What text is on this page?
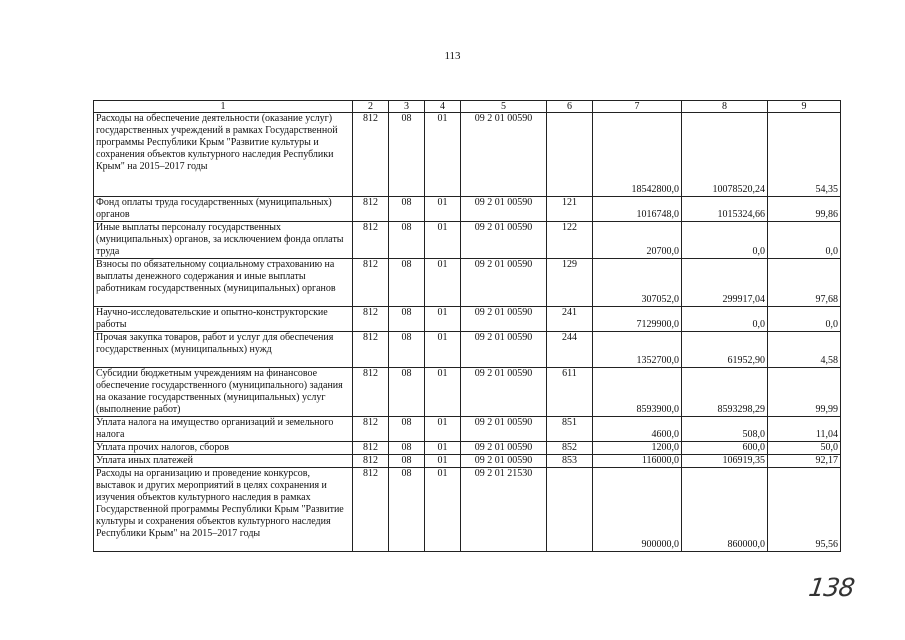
113
1	2	3	4	5	6	7	8	9
Расходы на обеспечение деятельности (оказание услуг) государственных учреждений в рамках Государственной программы Республики Крым "Развитие культуры и сохранения объектов культурного наследия Республики Крым" на 2015–2017 годы	812	08	01	09 2 01 00590		18542800,0	10078520,24	54,35
Фонд оплаты труда государственных (муниципальных) органов	812	08	01	09 2 01 00590	121	1016748,0	1015324,66	99,86
Иные выплаты персоналу государственных (муниципальных) органов, за исключением фонда оплаты труда	812	08	01	09 2 01 00590	122	20700,0	0,0	0,0
Взносы по обязательному социальному страхованию на выплаты денежного содержания и иные выплаты работникам государственных (муниципальных) органов	812	08	01	09 2 01 00590	129	307052,0	299917,04	97,68
Научно-исследовательские и опытно-конструкторские работы	812	08	01	09 2 01 00590	241	7129900,0	0,0	0,0
Прочая закупка товаров, работ и услуг для обеспечения государственных (муниципальных) нужд	812	08	01	09 2 01 00590	244	1352700,0	61952,90	4,58
Субсидии бюджетным учреждениям на финансовое обеспечение государственного (муниципального) задания на оказание государственных (муниципальных) услуг (выполнение работ)	812	08	01	09 2 01 00590	611	8593900,0	8593298,29	99,99
Уплата налога на имущество организаций и земельного налога	812	08	01	09 2 01 00590	851	4600,0	508,0	11,04
Уплата прочих налогов, сборов	812	08	01	09 2 01 00590	852	1200,0	600,0	50,0
Уплата иных платежей	812	08	01	09 2 01 00590	853	116000,0	106919,35	92,17
Расходы на организацию и проведение конкурсов, выставок и других мероприятий в целях сохранения и изучения объектов культурного наследия в рамках Государственной программы Республики Крым "Развитие культуры и сохранения объектов культурного наследия Республики Крым" на 2015–2017 годы	812	08	01	09 2 01 21530		900000,0	860000,0	95,56
138
